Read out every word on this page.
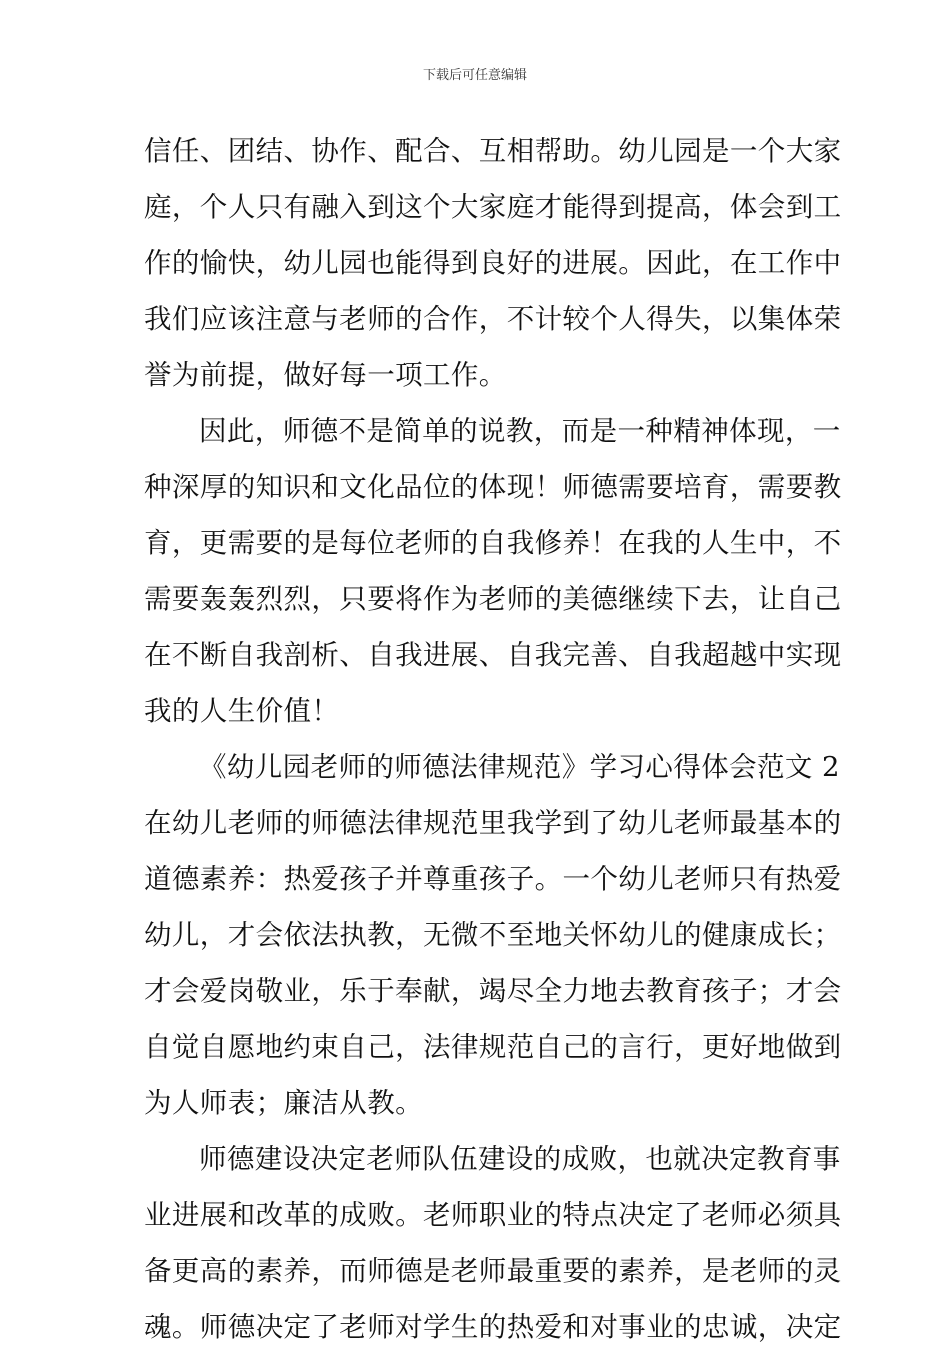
下载后可任意编辑
信任、团结、协作、配合、互相帮助。幼儿园是一个大家
庭，个人只有融入到这个大家庭才能得到提高，体会到工
作的愉快，幼儿园也能得到良好的进展。因此，在工作中
我们应该注意与老师的合作，不计较个人得失，以集体荣
誉为前提，做好每一项工作。
因此，师德不是简单的说教，而是一种精神体现，一
种深厚的知识和文化品位的体现！师德需要培育，需要教
育，更需要的是每位老师的自我修养！在我的人生中，不
需要轰轰烈烈，只要将作为老师的美德继续下去，让自己
在不断自我剖析、自我进展、自我完善、自我超越中实现
我的人生价值！
《幼儿园老师的师德法律规范》学习心得体会范文 2
在幼儿老师的师德法律规范里我学到了幼儿老师最基本的
道德素养：热爱孩子并尊重孩子。一个幼儿老师只有热爱
幼儿，才会依法执教，无微不至地关怀幼儿的健康成长；
才会爱岗敬业，乐于奉献，竭尽全力地去教育孩子；才会
自觉自愿地约束自己，法律规范自己的言行，更好地做到
为人师表；廉洁从教。
师德建设决定老师队伍建设的成败，也就决定教育事
业进展和改革的成败。老师职业的特点决定了老师必须具
备更高的素养，而师德是老师最重要的素养，是老师的灵
魂。师德决定了老师对学生的热爱和对事业的忠诚，决定
